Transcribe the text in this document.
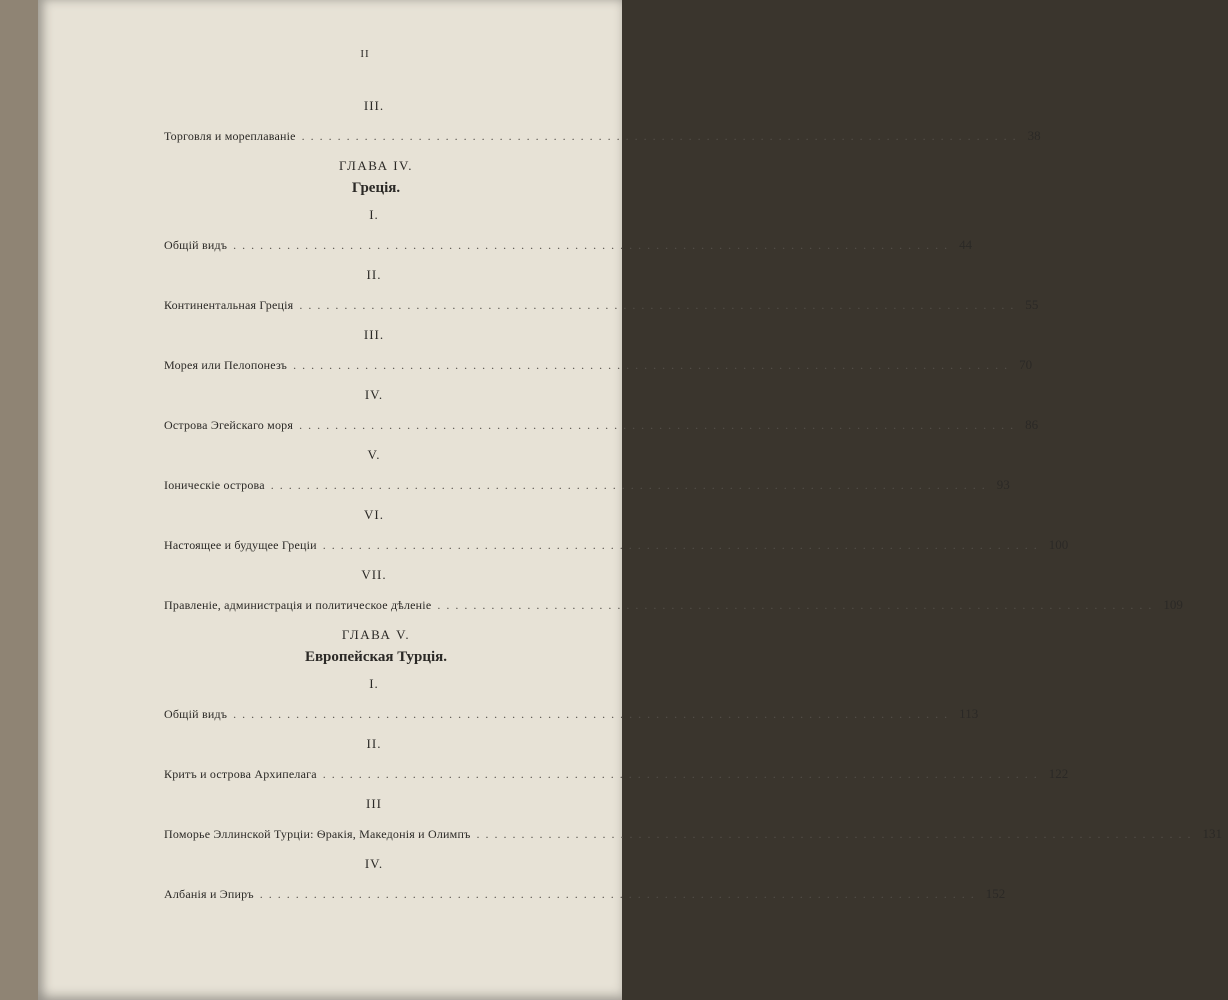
II
III.
Торговля и мореплаваніе ................................................................................ 38
ГЛАВА IV.
Греція.
I.
Общій видъ ................................................................................ 44
II.
Континентальная Греція ................................................................................ 55
III.
Морея или Пелопонезъ ................................................................................ 70
IV.
Острова Эгейскаго моря ................................................................................ 86
V.
Іоническіе острова ................................................................................ 93
VI.
Настоящее и будущее Греціи ................................................................................ 100
VII.
Правленіе, администрація и политическое дѣленіе ................................................................................ 109
ГЛАВА V.
Европейская Турція.
I.
Общій видъ ................................................................................ 113
II.
Критъ и острова Архипелага ................................................................................ 122
III
Поморье Эллинской Турціи: Ѳракія, Македонія и Олимпъ ................................................................................ 131
IV.
Албанія и Эпиръ ................................................................................ 152
